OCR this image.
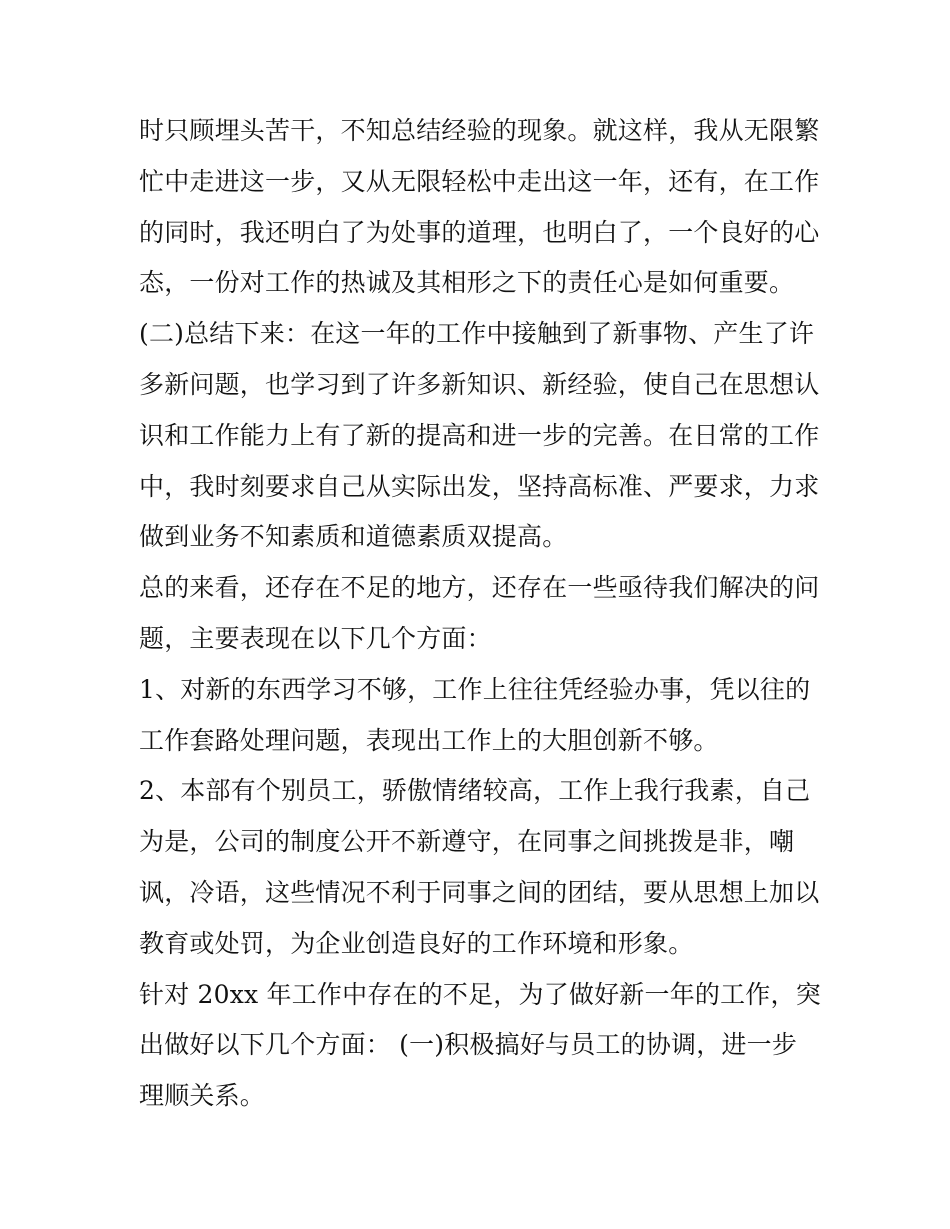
时只顾埋头苦干，不知总结经验的现象。就这样，我从无限繁
忙中走进这一步，又从无限轻松中走出这一年，还有，在工作
的同时，我还明白了为处事的道理，也明白了，一个良好的心
态，一份对工作的热诚及其相形之下的责任心是如何重要。
(二)总结下来：在这一年的工作中接触到了新事物、产生了许
多新问题，也学习到了许多新知识、新经验，使自己在思想认
识和工作能力上有了新的提高和进一步的完善。在日常的工作
中，我时刻要求自己从实际出发，坚持高标准、严要求，力求
做到业务不知素质和道德素质双提高。
总的来看，还存在不足的地方，还存在一些亟待我们解决的问
题，主要表现在以下几个方面：
1、对新的东西学习不够，工作上往往凭经验办事，凭以往的
工作套路处理问题，表现出工作上的大胆创新不够。
2、本部有个别员工，骄傲情绪较高，工作上我行我素，自己
为是，公司的制度公开不新遵守，在同事之间挑拨是非，嘲
讽，冷语，这些情况不利于同事之间的团结，要从思想上加以
教育或处罚，为企业创造良好的工作环境和形象。
针对 20xx 年工作中存在的不足，为了做好新一年的工作，突
出做好以下几个方面： (一)积极搞好与员工的协调，进一步
理顺关系。
